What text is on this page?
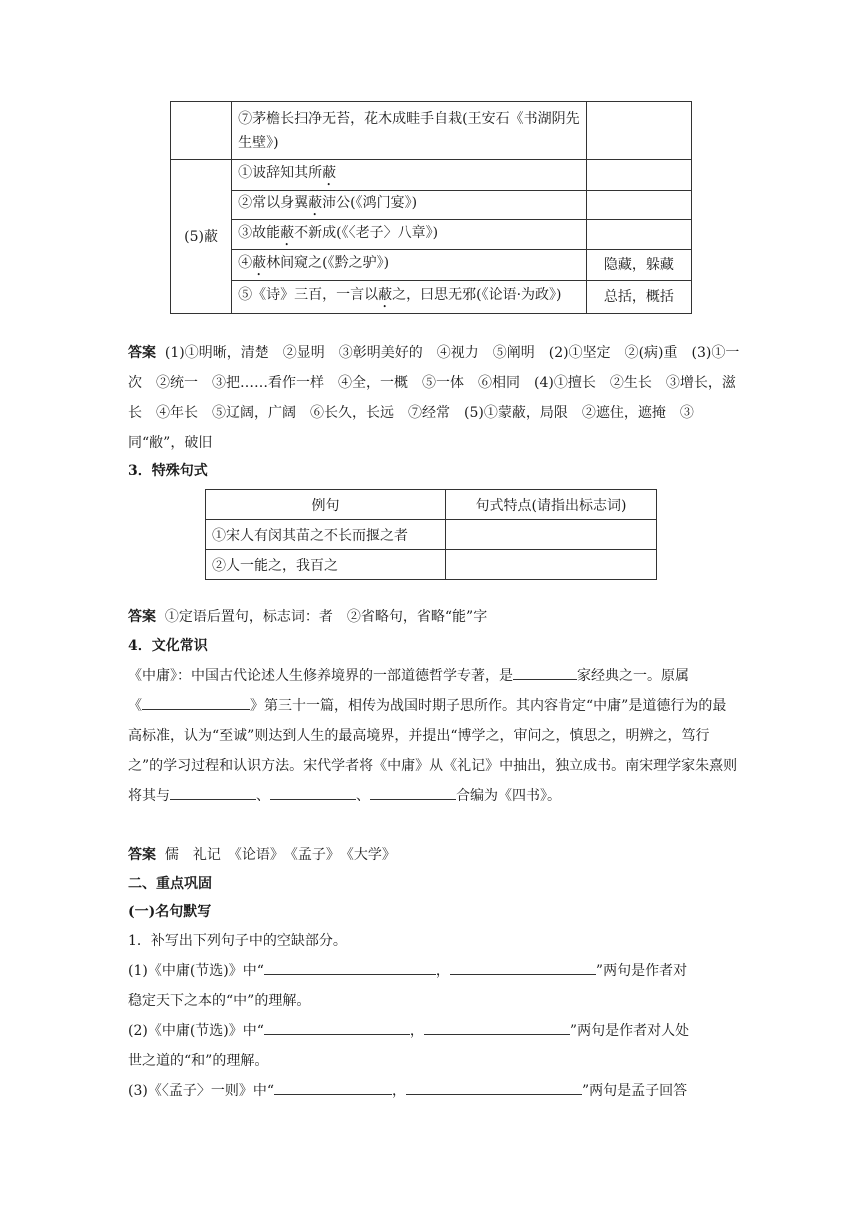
	⑦茅檐长扫净无苔，花木成畦手自栽(王安石《书湖阴先生壁》)	
(5)蔽	①诐辞知其所蔽	
	②常以身翼蔽沛公(《鸿门宴》)	
	③故能蔽不新成(《〈老子〉八章》)	
	④蔽林间窥之(《黔之驴》)	隐藏，躲藏
	⑤《诗》三百，一言以蔽之，曰思无邪(《论语·为政》)	总括，概括
答案 (1)①明晰，清楚　②显明　③彰明美好的　④视力　⑤阐明　(2)①坚定　②(病)重　(3)①一次　②统一　③把……看作一样　④全，一概　⑤一体　⑥相同　(4)①擅长　②生长　③增长，滋长　④年长　⑤辽阔，广阔　⑥长久，长远　⑦经常　(5)①蒙蔽，局限　②遮住，遮掩　③同“敝”，破旧
3．特殊句式
例句	句式特点(请指出标志词)
①宋人有闵其苗之不长而揠之者	
②人一能之，我百之	
答案 ①定语后置句，标志词：者　②省略句，省略“能”字
4．文化常识
《中庸》：中国古代论述人生修养境界的一部道德哲学专著，是	家经典之一。原属
《	》第三十一篇，相传为战国时期子思所作。其内容肯定“中庸”是道德行为的最高标准，认为“至诚”则达到人生的最高境界，并提出“博学之，审问之，慎思之，明辨之，笃行之”的学习过程和认识方法。宋代学者将《中庸》从《礼记》中抽出，独立成书。南宋理学家朱熹则将其与	、	、	合编为《四书》。
答案 儒　礼记　《论语》　《孟子》　《大学》
二、重点巩固
(一)名句默写
1．补写出下列句子中的空缺部分。
(1)《中庸(节选)》中“	，	”两句是作者对
稳定天下之本的“中”的理解。
(2)《中庸(节选)》中“	，	”两句是作者对人处
世之道的“和”的理解。
(3)《〈孟子〉一则》中“	，	”两句是孟子回答
